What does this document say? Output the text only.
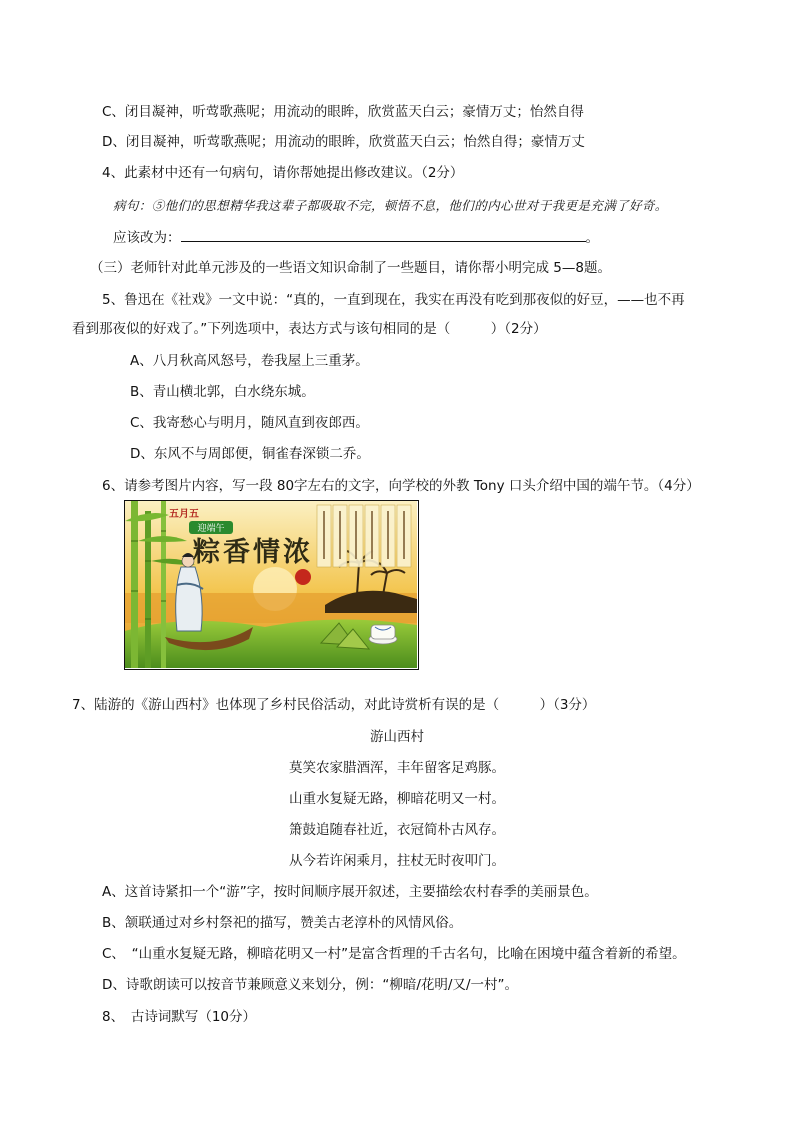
C、闭目凝神，听莺歌燕呢；用流动的眼眸，欣赏蓝天白云；豪情万丈；怡然自得
D、闭目凝神，听莺歌燕呢；用流动的眼眸，欣赏蓝天白云；怡然自得；豪情万丈
4、此素材中还有一句病句，请你帮她提出修改建议。（2分）
病句：⑤他们的思想精华我这辈子都吸取不完，顿悟不息，他们的内心世对于我更是充满了好奇。
应该改为：	。
（三）老师针对此单元涉及的一些语文知识命制了一些题目，请你帮小明完成 5—8题。
5、鲁迅在《社戏》一文中说：“真的，一直到现在，我实在再没有吃到那夜似的好豆，——也不再
看到那夜似的好戏了。”下列选项中，表达方式与该句相同的是（　　　）（2分）
A、八月秋高风怒号，卷我屋上三重茅。
B、青山横北郭，白水绕东城。
C、我寄愁心与明月，随风直到夜郎西。
D、东风不与周郎便，铜雀春深锁二乔。
6、请参考图片内容，写一段 80字左右的文字，向学校的外教 Tony 口头介绍中国的端午节。（4分）
五月五
迎端午
粽香情浓
7、陆游的《游山西村》也体现了乡村民俗活动，对此诗赏析有误的是（　　　）（3分）
游山西村
莫笑农家腊酒浑，丰年留客足鸡豚。
山重水复疑无路，柳暗花明又一村。
箫鼓追随春社近，衣冠简朴古风存。
从今若许闲乘月，拄杖无时夜叩门。
A、这首诗紧扣一个“游”字，按时间顺序展开叙述，主要描绘农村春季的美丽景色。
B、颔联通过对乡村祭祀的描写，赞美古老淳朴的风情风俗。
C、　“山重水复疑无路，柳暗花明又一村”是富含哲理的千古名句，比喻在困境中蕴含着新的希望。
D、诗歌朗读可以按音节兼顾意义来划分，例：“柳暗/花明/又/一村”。
8、　古诗词默写（10分）
